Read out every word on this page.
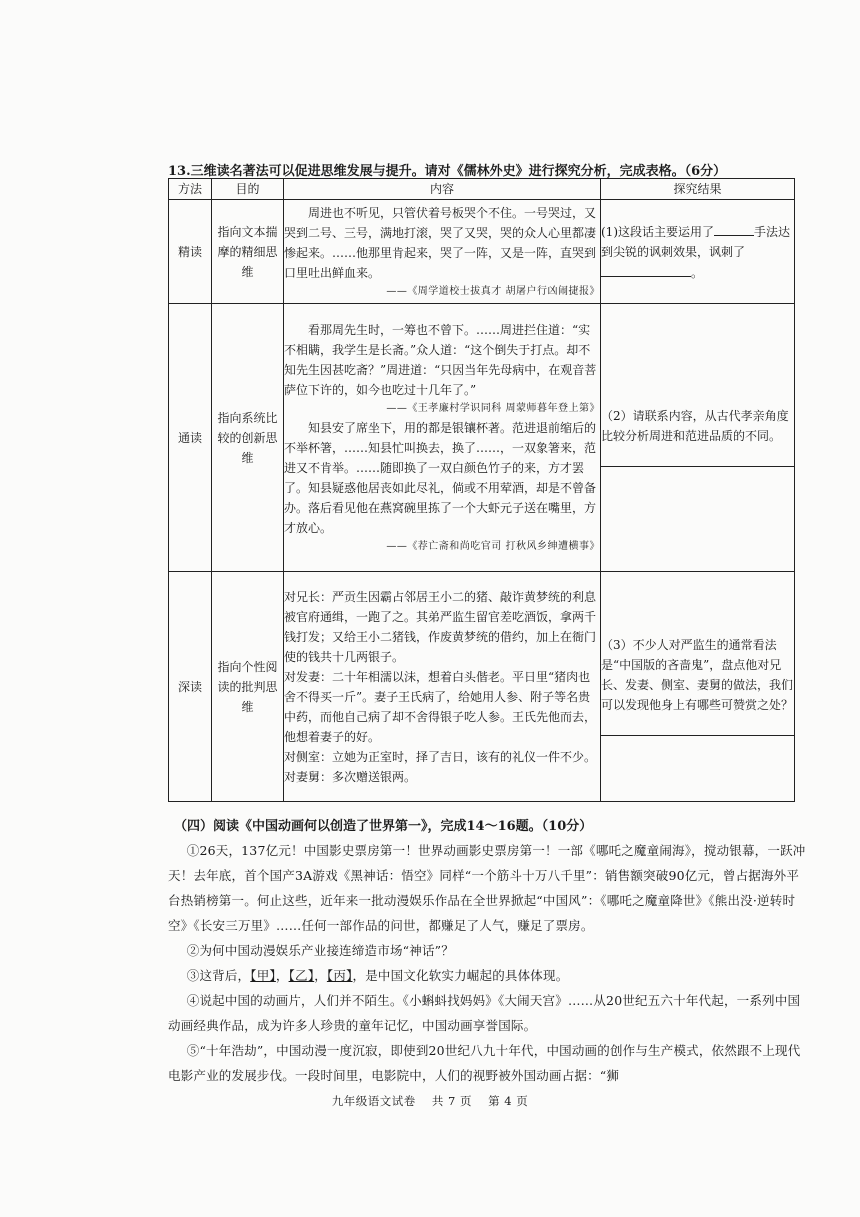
13.三维读名著法可以促进思维发展与提升。请对《儒林外史》进行探究分析，完成表格。（6分）
方法	目的	内容	探究结果
精读	指向文本揣摩的精细思维	周进也不听见，只管伏着号板哭个不住。一号哭过，又哭到二号、三号，满地打滚，哭了又哭，哭的众人心里都凄惨起来。……他那里肯起来，哭了一阵，又是一阵，直哭到口里吐出鲜血来。
——《周学道校士拔真才 胡屠户行凶闹捷报》	(1)这段话主要运用了 手法达到尖锐的讽刺效果，讽刺了。
通读	指向系统比较的创新思维	看那周先生时，一筹也不曾下。……周进拦住道：“实不相瞒，我学生是长斋。”众人道：“这个倒失于打点。却不知先生因甚吃斋？”周进道：“只因当年先母病中，在观音菩萨位下许的，如今也吃过十几年了。”
——《王孝廉村学识同科 周蒙师暮年登上第》
知县安了席坐下，用的都是银镶杯著。范进退前缩后的不举杯箸，……知县忙叫换去，换了……，一双象箸来，范进又不肯举。……随即换了一双白颜色竹子的来，方才罢了。知县疑惑他居丧如此尽礼，倘或不用荤酒，却是不曾备办。落后看见他在燕窝碗里拣了一个大虾元子送在嘴里，方才放心。
——《荐亡斋和尚吃官司 打秋风乡绅遭横事》	（2）请联系内容，从古代孝亲角度比较分析周进和范进品质的不同。

深读	指向个性阅读的批判思维	对兄长：严贡生因霸占邻居王小二的猪、敲诈黄梦统的利息被官府通缉，一跑了之。其弟严监生留官差吃酒饭，拿两千钱打发；又给王小二猪钱，作废黄梦统的借约，加上在衙门使的钱共十几两银子。
对发妻：二十年相濡以沫，想着白头偕老。平日里“猪肉也舍不得买一斤”。妻子王氏病了，给她用人参、附子等名贵中药，而他自己病了却不舍得银子吃人参。王氏先他而去，他想着妻子的好。
对侧室：立她为正室时，择了吉日，该有的礼仪一件不少。
对妻舅：多次赠送银两。	（3）不少人对严监生的通常看法是“中国版的吝啬鬼”，盘点他对兄长、发妻、侧室、妻舅的做法，我们可以发现他身上有哪些可赞赏之处？
（四）阅读《中国动画何以创造了世界第一》，完成14～16题。（10分）

①26天，137亿元！中国影史票房第一！世界动画影史票房第一！一部《哪吒之魔童闹海》，搅动银幕，一跃冲天！去年底，首个国产3A游戏《黑神话：悟空》同样“一个筋斗十万八千里”：销售额突破90亿元，曾占据海外平台热销榜第一。何止这些，近年来一批动漫娱乐作品在全世界掀起“中国风”：《哪吒之魔童降世》《熊出没·逆转时空》《长安三万里》……任何一部作品的问世，都赚足了人气，赚足了票房。

②为何中国动漫娱乐产业接连缔造市场“神话”？

③这背后，【甲】，【乙】，【丙】，是中国文化软实力崛起的具体体现。

④说起中国的动画片，人们并不陌生。《小蝌蚪找妈妈》《大闹天宫》……从20世纪五六十年代起，一系列中国动画经典作品，成为许多人珍贵的童年记忆，中国动画享誉国际。

⑤“十年浩劫”，中国动漫一度沉寂，即使到20世纪八九十年代，中国动画的创作与生产模式，依然跟不上现代电影产业的发展步伐。一段时间里，电影院中，人们的视野被外国动画占据：“狮

九年级语文试卷 共 7 页 第 4 页
